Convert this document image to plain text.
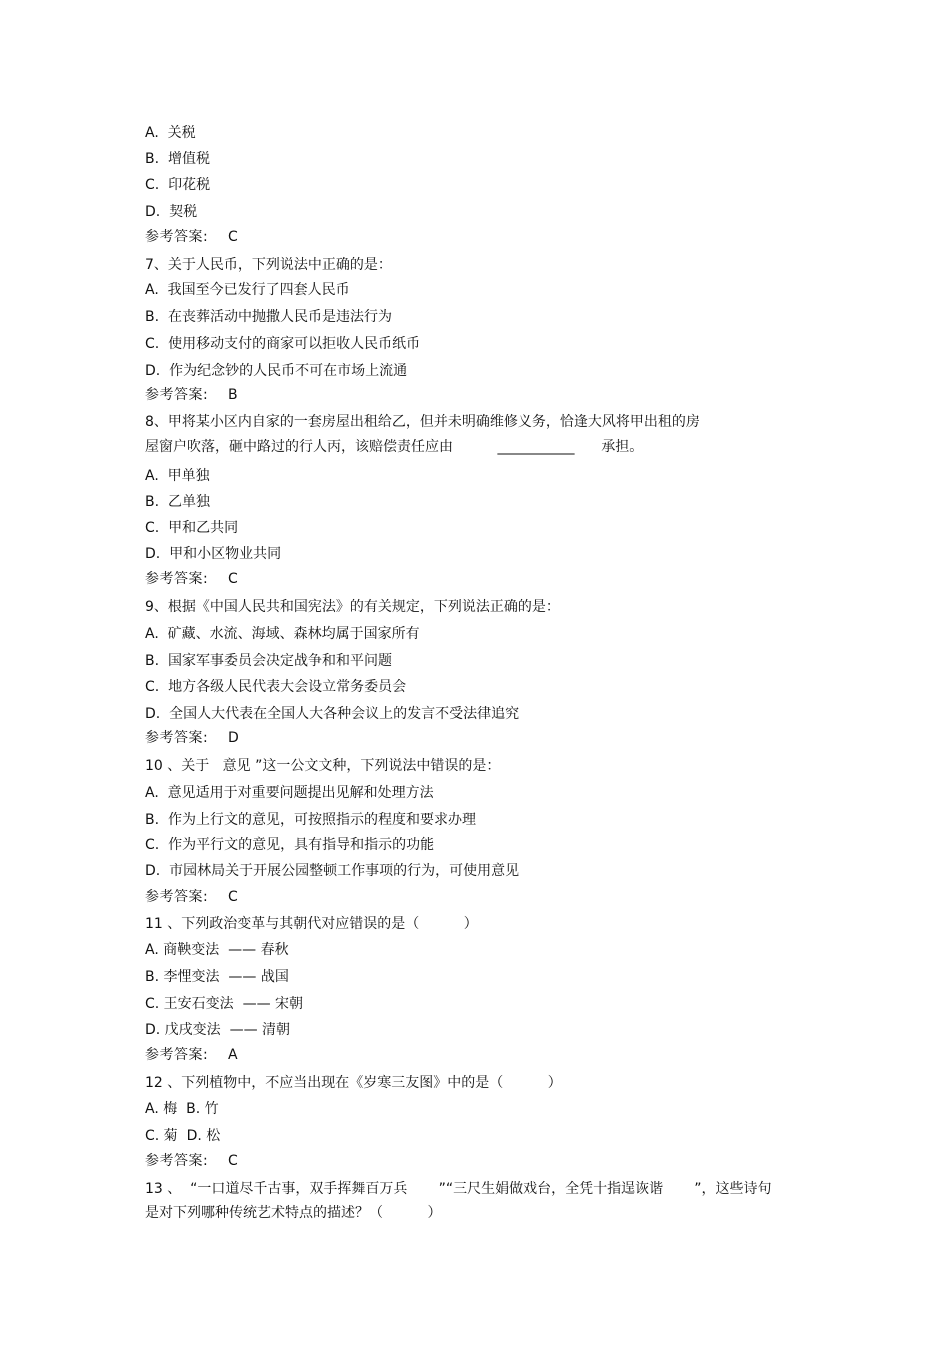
A.  关税
B.  增值税
C.  印花税
D.  契税
参考答案:    C
7、关于人民币，下列说法中正确的是：
A.  我国至今已发行了四套人民币
B.  在丧葬活动中抛撒人民币是违法行为
C.  使用移动支付的商家可以拒收人民币纸币
D.  作为纪念钞的人民币不可在市场上流通
参考答案:    B
8、甲将某小区内自家的一套房屋出租给乙，但并未明确维修义务，恰逢大风将甲出租的房
屋窗户吹落，砸中路过的行人丙，该赔偿责任应由          ___________      承担。
A.  甲单独
B.  乙单独
C.  甲和乙共同
D.  甲和小区物业共同
参考答案:    C
9、根据《中国人民共和国宪法》的有关规定，下列说法正确的是：
A.  矿藏、水流、海域、森林均属于国家所有
B.  国家军事委员会决定战争和和平问题
C.  地方各级人民代表大会设立常务委员会
D.  全国人大代表在全国人大各种会议上的发言不受法律追究
参考答案:    D
10 、关于   意见 ”这一公文文种，下列说法中错误的是：
A.  意见适用于对重要问题提出见解和处理方法
B.  作为上行文的意见，可按照指示的程度和要求办理
C.  作为平行文的意见，具有指导和指示的功能
D.  市园林局关于开展公园整顿工作事项的行为，可使用意见
参考答案:    C
11 、下列政治变革与其朝代对应错误的是（          ）
A. 商鞅变法  —— 春秋
B. 李悝变法  —— 战国
C. 王安石变法  —— 宋朝
D. 戊戌变法  —— 清朝
参考答案:    A
12 、下列植物中，不应当出现在《岁寒三友图》中的是（          ）
A. 梅  B. 竹
C. 菊  D. 松
参考答案:    C
13 、  “一口道尽千古事，双手挥舞百万兵       ”“三尺生娟做戏台，全凭十指逞诙谐       ”，这些诗句
是对下列哪种传统艺术特点的描述？（          ）
